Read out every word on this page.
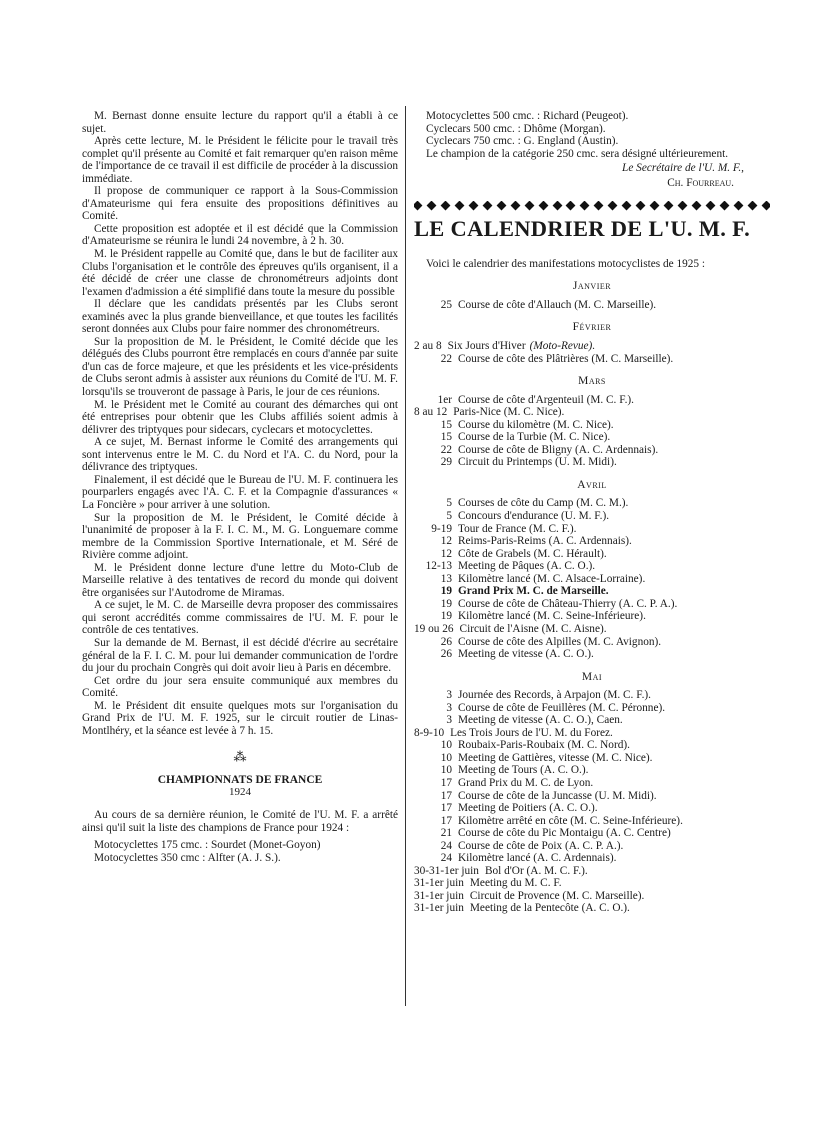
M. Bernast donne ensuite lecture du rapport qu'il a établi à ce sujet.

Après cette lecture, M. le Président le félicite pour le travail très complet qu'il présente au Comité et fait remarquer qu'en raison même de l'importance de ce travail il est difficile de procéder à la discussion immédiate.

Il propose de communiquer ce rapport à la Sous-Commission d'Amateurisme qui fera ensuite des propositions définitives au Comité.

Cette proposition est adoptée et il est décidé que la Commission d'Amateurisme se réunira le lundi 24 novembre, à 2 h. 30.

M. le Président rappelle au Comité que, dans le but de faciliter aux Clubs l'organisation et le contrôle des épreuves qu'ils organisent, il a été décidé de créer une classe de chronométreurs adjoints dont l'examen d'admission a été simplifié dans toute la mesure du possible

Il déclare que les candidats présentés par les Clubs seront examinés avec la plus grande bienveillance, et que toutes les facilités seront données aux Clubs pour faire nommer des chronométreurs.

Sur la proposition de M. le Président, le Comité décide que les délégués des Clubs pourront être remplacés en cours d'année par suite d'un cas de force majeure, et que les présidents et les vice-présidents de Clubs seront admis à assister aux réunions du Comité de l'U. M. F. lorsqu'ils se trouveront de passage à Paris, le jour de ces réunions.

M. le Président met le Comité au courant des démarches qui ont été entreprises pour obtenir que les Clubs affiliés soient admis à délivrer des triptyques pour sidecars, cyclecars et motocyclettes.

A ce sujet, M. Bernast informe le Comité des arrangements qui sont intervenus entre le M. C. du Nord et l'A. C. du Nord, pour la délivrance des triptyques.

Finalement, il est décidé que le Bureau de l'U. M. F. continuera les pourparlers engagés avec l'A. C. F. et la Compagnie d'assurances « La Foncière » pour arriver à une solution.

Sur la proposition de M. le Président, le Comité décide à l'unanimité de proposer à la F. I. C. M., M. G. Longuemare comme membre de la Commission Sportive Internationale, et M. Séré de Rivière comme adjoint.

M. le Président donne lecture d'une lettre du Moto-Club de Marseille relative à des tentatives de record du monde qui doivent être organisées sur l'Autodrome de Miramas.

A ce sujet, le M. C. de Marseille devra proposer des commissaires qui seront accrédités comme commissaires de l'U. M. F. pour le contrôle de ces tentatives.

Sur la demande de M. Bernast, il est décidé d'écrire au secrétaire général de la F. I. C. M. pour lui demander communication de l'ordre du jour du prochain Congrès qui doit avoir lieu à Paris en décembre.

Cet ordre du jour sera ensuite communiqué aux membres du Comité.

M. le Président dit ensuite quelques mots sur l'organisation du Grand Prix de l'U. M. F. 1925, sur le circuit routier de Linas-Montlhéry, et la séance est levée à 7 h. 15.

⁂
CHAMPIONNATS DE FRANCE
1924

Au cours de sa dernière réunion, le Comité de l'U. M. F. a arrêté ainsi qu'il suit la liste des champions de France pour 1924 :

Motocyclettes 175 cmc. : Sourdet (Monet-Goyon)
Motocyclettes 350 cmc : Alfter (A. J. S.).
Motocyclettes 500 cmc. : Richard (Peugeot).
Cyclecars 500 cmc. : Dhôme (Morgan).
Cyclecars 750 cmc. : G. England (Austin).

Le champion de la catégorie 250 cmc. sera désigné ultérieurement.

Le Secrétaire de l'U. M. F.,
Ch. Fourreau.
LE CALENDRIER DE L'U. M. F.

Voici le calendrier des manifestations motocyclistes de 1925 :

Janvier
25 Course de côte d'Allauch (M. C. Marseille).
Février
2 au 8 Six Jours d'Hiver (Moto-Revue).
22 Course de côte des Plâtrières (M. C. Marseille).
Mars
1er Course de côte d'Argenteuil (M. C. F.).
8 au 12 Paris-Nice (M. C. Nice).
15 Course du kilomètre (M. C. Nice).
15 Course de la Turbie (M. C. Nice).
22 Course de côte de Bligny (A. C. Ardennais).
29 Circuit du Printemps (U. M. Midi).
Avril
5 Courses de côte du Camp (M. C. M.).
5 Concours d'endurance (U. M. F.).
9-19 Tour de France (M. C. F.).
12 Reims-Paris-Reims (A. C. Ardennais).
12 Côte de Grabels (M. C. Hérault).
12-13 Meeting de Pâques (A. C. O.).
13 Kilomètre lancé (M. C. Alsace-Lorraine).
19 Grand Prix M. C. de Marseille.
19 Course de côte de Château-Thierry (A. C. P. A.).
19 Kilomètre lancé (M. C. Seine-Inférieure).
19 ou 26 Circuit de l'Aisne (M. C. Aisne).
26 Course de côte des Alpilles (M. C. Avignon).
26 Meeting de vitesse (A. C. O.).
Mai
3 Journée des Records, à Arpajon (M. C. F.).
3 Course de côte de Feuillères (M. C. Péronne).
3 Meeting de vitesse (A. C. O.), Caen.
8-9-10 Les Trois Jours de l'U. M. du Forez.
10 Roubaix-Paris-Roubaix (M. C. Nord).
10 Meeting de Gattières, vitesse (M. C. Nice).
10 Meeting de Tours (A. C. O.).
17 Grand Prix du M. C. de Lyon.
17 Course de côte de la Juncasse (U. M. Midi).
17 Meeting de Poitiers (A. C. O.).
17 Kilomètre arrêté en côte (M. C. Seine-Inférieure).
21 Course de côte du Pic Montaigu (A. C. Centre)
24 Course de côte de Poix (A. C. P. A.).
24 Kilomètre lancé (A. C. Ardennais).
30-31-1er juin Bol d'Or (A. M. C. F.).
31-1er juin Meeting du M. C. F.
31-1er juin Circuit de Provence (M. C. Marseille).
31-1er juin Meeting de la Pentecôte (A. C. O.).
